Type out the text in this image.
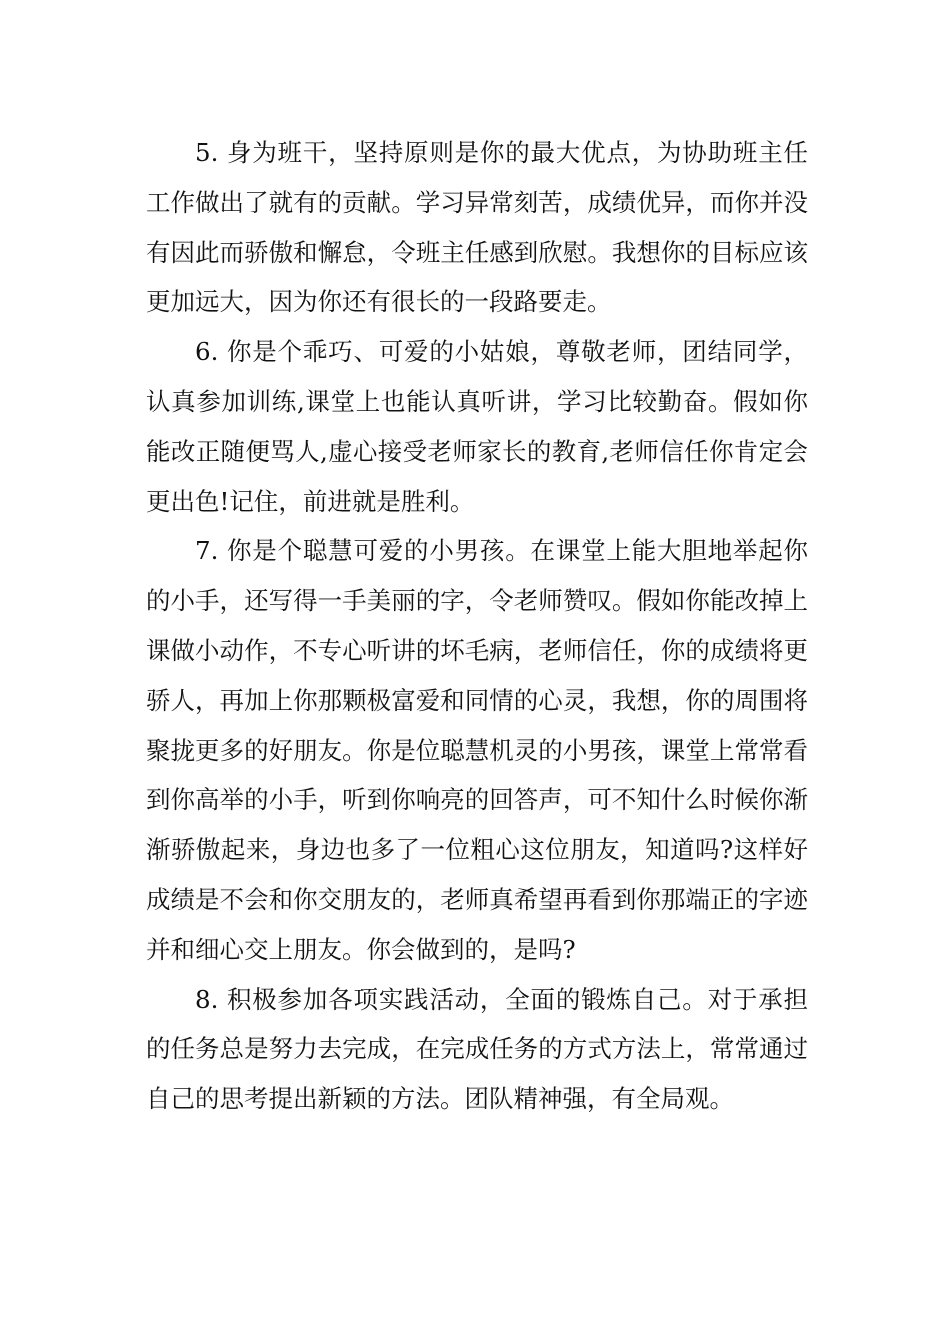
5. 身为班干，坚持原则是你的最大优点，为协助班主任工作做出了就有的贡献。学习异常刻苦，成绩优异，而你并没有因此而骄傲和懈怠，令班主任感到欣慰。我想你的目标应该更加远大，因为你还有很长的一段路要走。

6. 你是个乖巧、可爱的小姑娘，尊敬老师，团结同学，认真参加训练,课堂上也能认真听讲，学习比较勤奋。假如你能改正随便骂人,虚心接受老师家长的教育,老师信任你肯定会更出色!记住，前进就是胜利。

7. 你是个聪慧可爱的小男孩。在课堂上能大胆地举起你的小手，还写得一手美丽的字，令老师赞叹。假如你能改掉上课做小动作，不专心听讲的坏毛病，老师信任，你的成绩将更骄人，再加上你那颗极富爱和同情的心灵，我想，你的周围将聚拢更多的好朋友。你是位聪慧机灵的小男孩，课堂上常常看到你高举的小手，听到你响亮的回答声，可不知什么时候你渐渐骄傲起来，身边也多了一位粗心这位朋友，知道吗?这样好成绩是不会和你交朋友的，老师真希望再看到你那端正的字迹并和细心交上朋友。你会做到的，是吗?

8. 积极参加各项实践活动，全面的锻炼自己。对于承担的任务总是努力去完成，在完成任务的方式方法上，常常通过自己的思考提出新颖的方法。团队精神强，有全局观。
